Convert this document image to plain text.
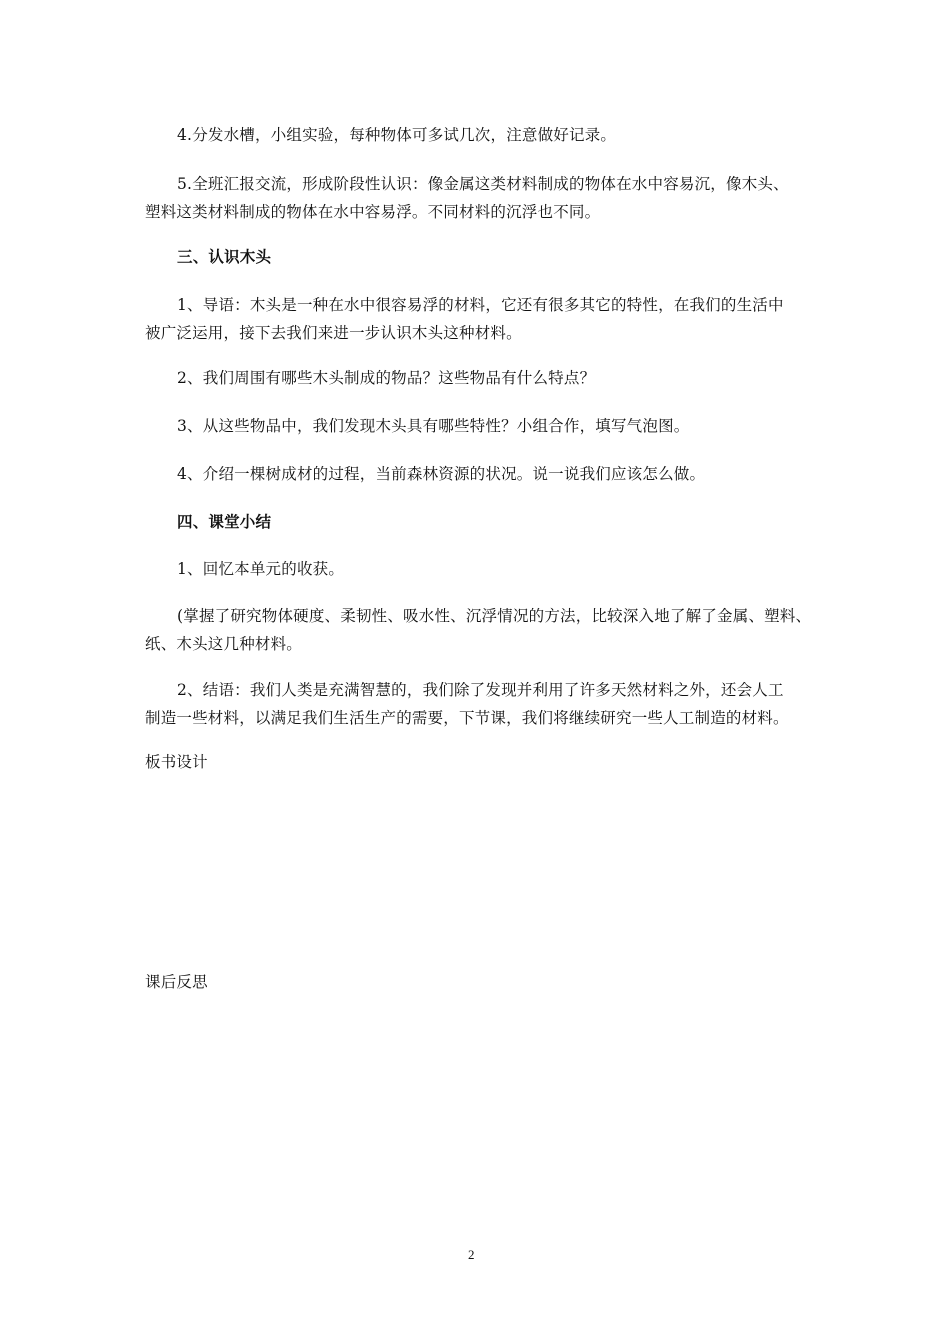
4.分发水槽，小组实验，每种物体可多试几次，注意做好记录。
5.全班汇报交流，形成阶段性认识：像金属这类材料制成的物体在水中容易沉，像木头、
塑料这类材料制成的物体在水中容易浮。不同材料的沉浮也不同。
三、认识木头
1、导语：木头是一种在水中很容易浮的材料，它还有很多其它的特性，在我们的生活中
被广泛运用，接下去我们来进一步认识木头这种材料。
2、我们周围有哪些木头制成的物品？这些物品有什么特点？
3、从这些物品中，我们发现木头具有哪些特性？小组合作，填写气泡图。
4、介绍一棵树成材的过程，当前森林资源的状况。说一说我们应该怎么做。
四、课堂小结
1、回忆本单元的收获。
(掌握了研究物体硬度、柔韧性、吸水性、沉浮情况的方法，比较深入地了解了金属、塑料、
纸、木头这几种材料。
2、结语：我们人类是充满智慧的，我们除了发现并利用了许多天然材料之外，还会人工
制造一些材料，以满足我们生活生产的需要，下节课，我们将继续研究一些人工制造的材料。
板书设计
课后反思
2
